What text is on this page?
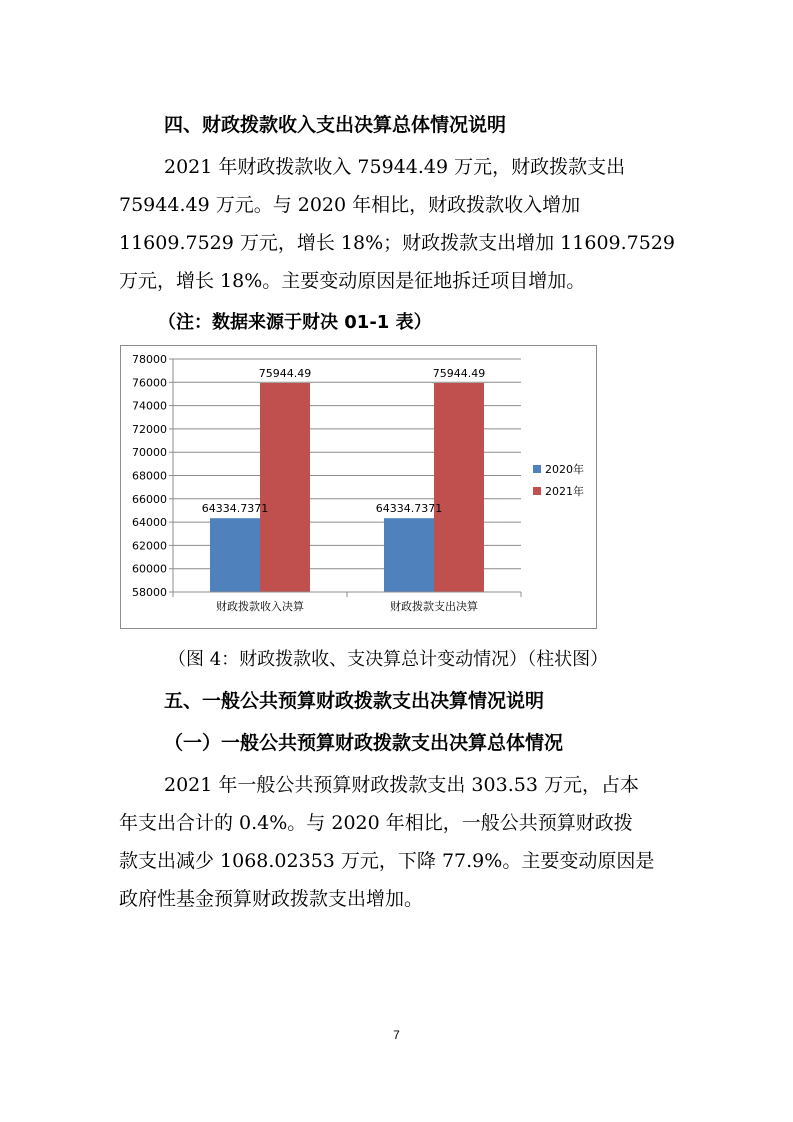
四、财政拨款收入支出决算总体情况说明
2021 年财政拨款收入 75944.49 万元，财政拨款支出
75944.49 万元。与 2020 年相比，财政拨款收入增加
11609.7529 万元，增长 18%；财政拨款支出增加 11609.7529
万元，增长 18%。主要变动原因是征地拆迁项目增加。
（注：数据来源于财决 01-1 表）
64334.7371
75944.49
64334.7371
75944.49
58000
60000
62000
64000
66000
68000
70000
72000
74000
76000
78000
财政拨款收入决算	财政拨款支出决算
2020年
2021年
（图 4：财政拨款收、支决算总计变动情况）（柱状图）
五、一般公共预算财政拨款支出决算情况说明
（一）一般公共预算财政拨款支出决算总体情况
2021 年一般公共预算财政拨款支出 303.53 万元，占本
年支出合计的 0.4%。与 2020 年相比，一般公共预算财政拨
款支出减少 1068.02353 万元，下降 77.9%。主要变动原因是
政府性基金预算财政拨款支出增加。
7
